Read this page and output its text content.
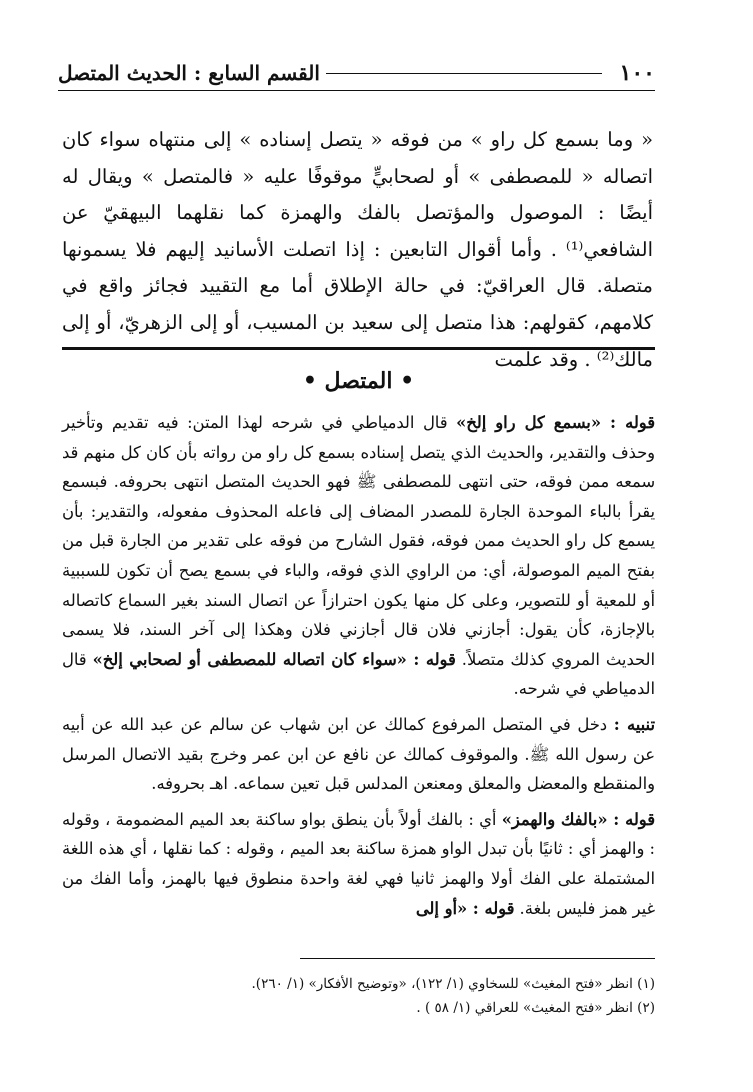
١٠٠
القسم السابع : الحديث المتصل

« وما بسمع كل راو » من فوقه « يتصل إسناده » إلى منتهاه سواء كان اتصاله « للمصطفى » أو لصحابيٍّ موقوفًا عليه « فالمتصل » ويقال له أيضًا : الموصول والمؤتصل بالفك والهمزة كما نقلهما البيهقيّ عن الشافعي⁽¹⁾ . وأما أقوال التابعين : إذا اتصلت الأسانيد إليهم فلا يسمونها متصلة. قال العراقيّ: في حالة الإطلاق أما مع التقييد فجائز واقع في كلامهم، كقولهم: هذا متصل إلى سعيد بن المسيب، أو إلى الزهريّ، أو إلى مالك⁽²⁾ . وقد علمت

• المتصل •

قوله : «بسمع كل راو إلخ» قال الدمياطي في شرحه لهذا المتن: فيه تقديم وتأخير وحذف والتقدير، والحديث الذي يتصل إسناده بسمع كل راو من رواته بأن كان كل منهم قد سمعه ممن فوقه، حتى انتهى للمصطفى ﷺ فهو الحديث المتصل انتهى بحروفه. فبسمع يقرأ بالباء الموحدة الجارة للمصدر المضاف إلى فاعله المحذوف مفعوله، والتقدير: بأن يسمع كل راو الحديث ممن فوقه، فقول الشارح من فوقه على تقدير من الجارة قبل من بفتح الميم الموصولة، أي: من الراوي الذي فوقه، والباء في بسمع يصح أن تكون للسببية أو للمعية أو للتصوير، وعلى كل منها يكون احترازاً عن اتصال السند بغير السماع كاتصاله بالإجازة، كأن يقول: أجازني فلان قال أجازني فلان وهكذا إلى آخر السند، فلا يسمى الحديث المروي كذلك متصلاً. قوله : «سواء كان اتصاله للمصطفى أو لصحابي إلخ» قال الدمياطي في شرحه.

تنبيه : دخل في المتصل المرفوع كمالك عن ابن شهاب عن سالم عن عبد الله عن أبيه عن رسول الله ﷺ. والموقوف كمالك عن نافع عن ابن عمر وخرج بقيد الاتصال المرسل والمنقطع والمعضل والمعلق ومعنعن المدلس قبل تعين سماعه. اهـ بحروفه.

قوله : «بالفك والهمز» أي : بالفك أولاً بأن ينطق بواو ساكنة بعد الميم المضمومة ، وقوله : والهمز أي : ثانيًا بأن تبدل الواو همزة ساكنة بعد الميم ، وقوله : كما نقلها ، أي هذه اللغة المشتملة على الفك أولا والهمز ثانيا فهي لغة واحدة منطوق فيها بالهمز، وأما الفك من غير همز فليس بلغة. قوله : «أو إلى

(١) انظر «فتح المغيث» للسخاوي (١/ ١٢٢)، «وتوضيح الأفكار» (١/ ٢٦٠).

(٢) انظر «فتح المغيث» للعراقي (١/ ٥٨ ) .
